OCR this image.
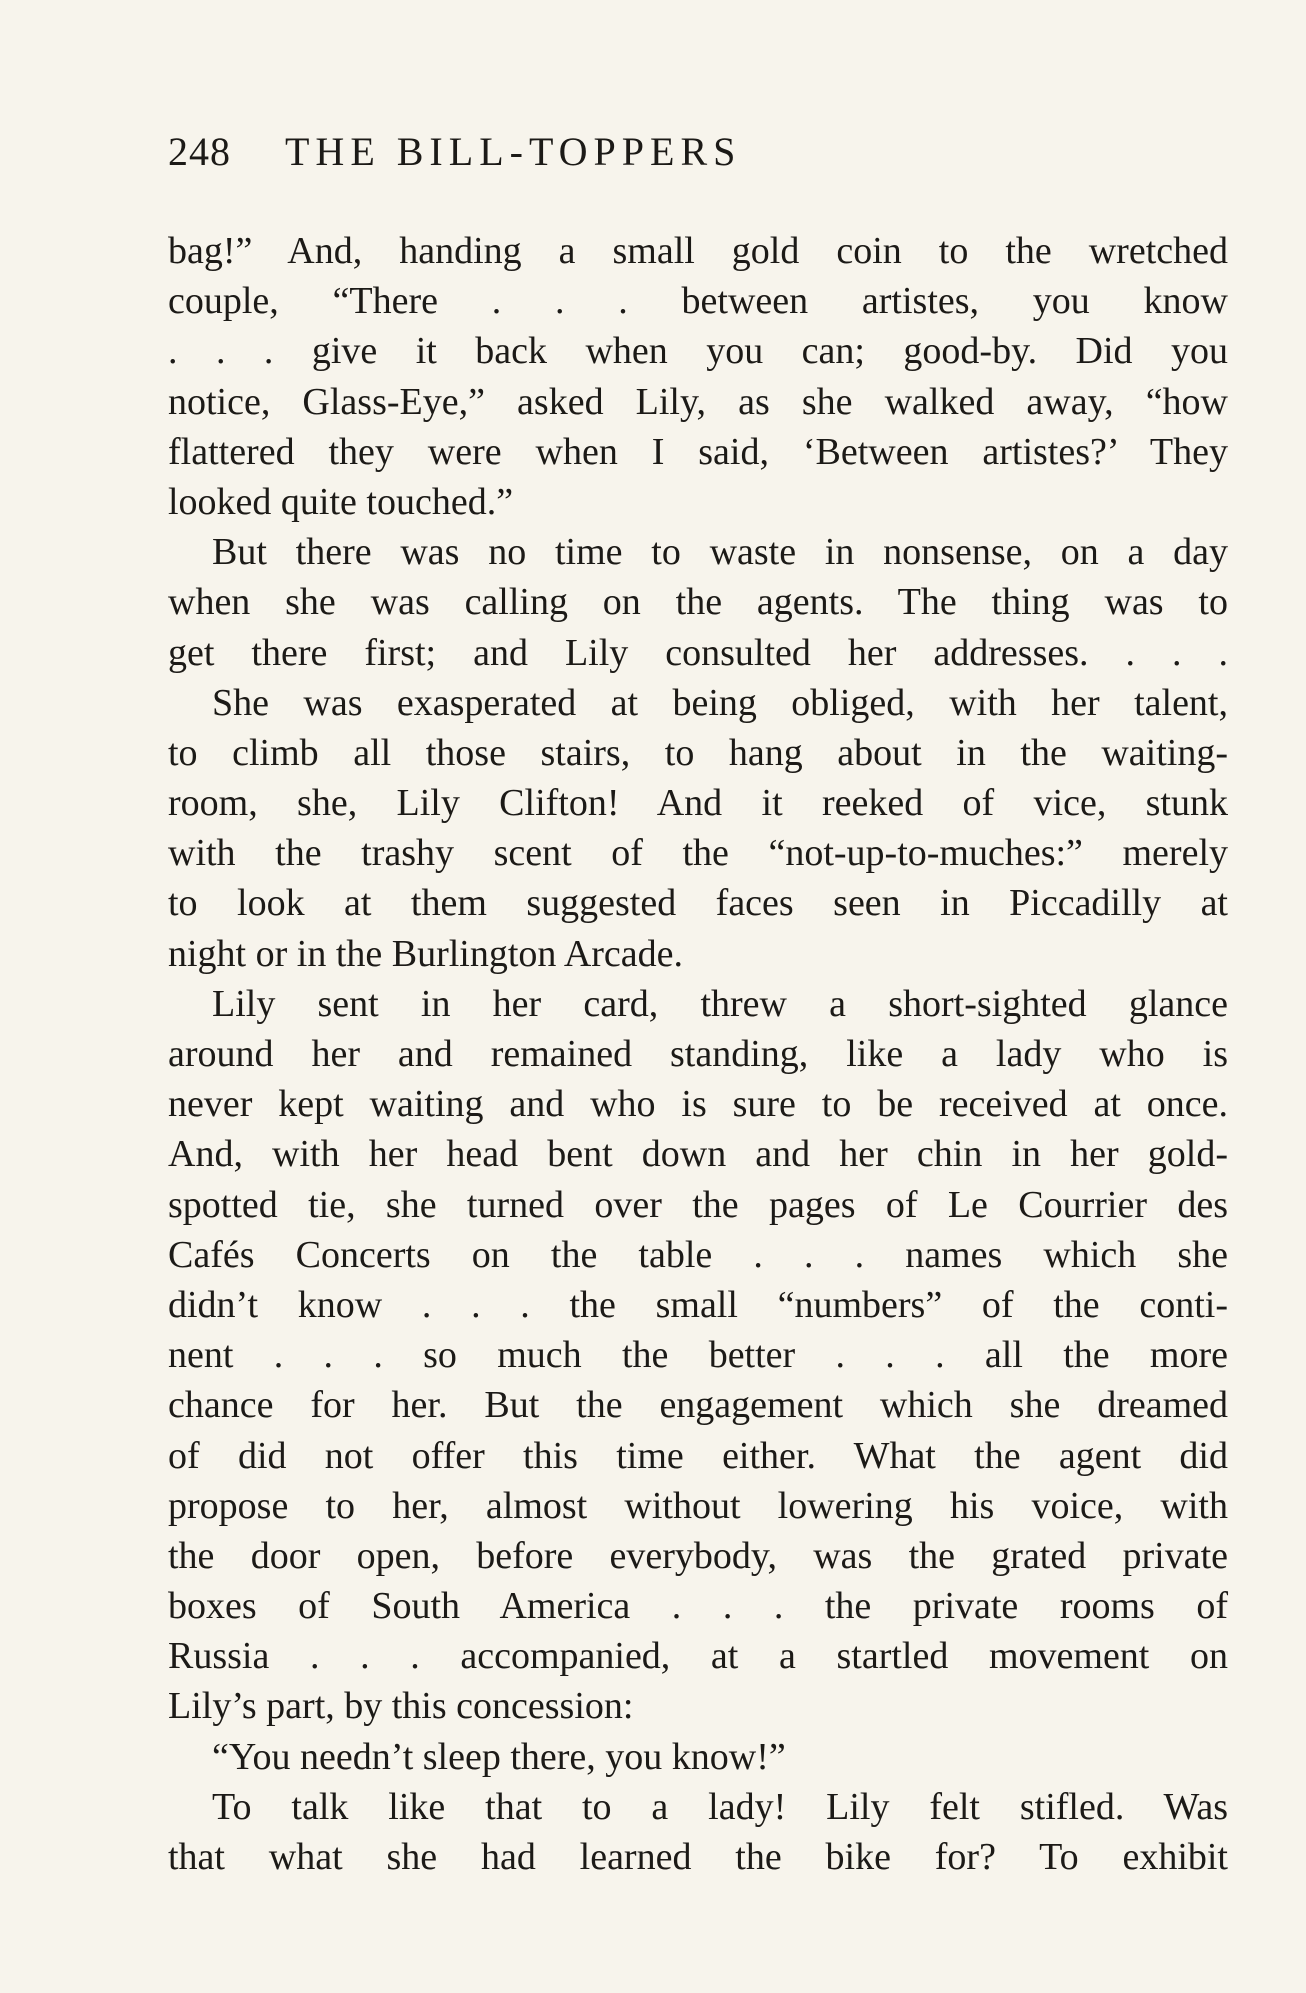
248 THE BILL-TOPPERS
bag!” And, handing a small gold coin to the wretched
couple, “There . . . between artistes, you know
. . . give it back when you can; good-by. Did you
notice, Glass-Eye,” asked Lily, as she walked away, “how
flattered they were when I said, ‘Between artistes?’ They
looked quite touched.”
But there was no time to waste in nonsense, on a day
when she was calling on the agents. The thing was to
get there first; and Lily consulted her addresses. . . .
She was exasperated at being obliged, with her talent,
to climb all those stairs, to hang about in the waiting-
room, she, Lily Clifton! And it reeked of vice, stunk
with the trashy scent of the “not-up-to-muches:” merely
to look at them suggested faces seen in Piccadilly at
night or in the Burlington Arcade.
Lily sent in her card, threw a short-sighted glance
around her and remained standing, like a lady who is
never kept waiting and who is sure to be received at once.
And, with her head bent down and her chin in her gold-
spotted tie, she turned over the pages of Le Courrier des
Cafés Concerts on the table . . . names which she
didn’t know . . . the small “numbers” of the conti-
nent . . . so much the better . . . all the more
chance for her. But the engagement which she dreamed
of did not offer this time either. What the agent did
propose to her, almost without lowering his voice, with
the door open, before everybody, was the grated private
boxes of South America . . . the private rooms of
Russia . . . accompanied, at a startled movement on
Lily’s part, by this concession:
“You needn’t sleep there, you know!”
To talk like that to a lady! Lily felt stifled. Was
that what she had learned the bike for? To exhibit
